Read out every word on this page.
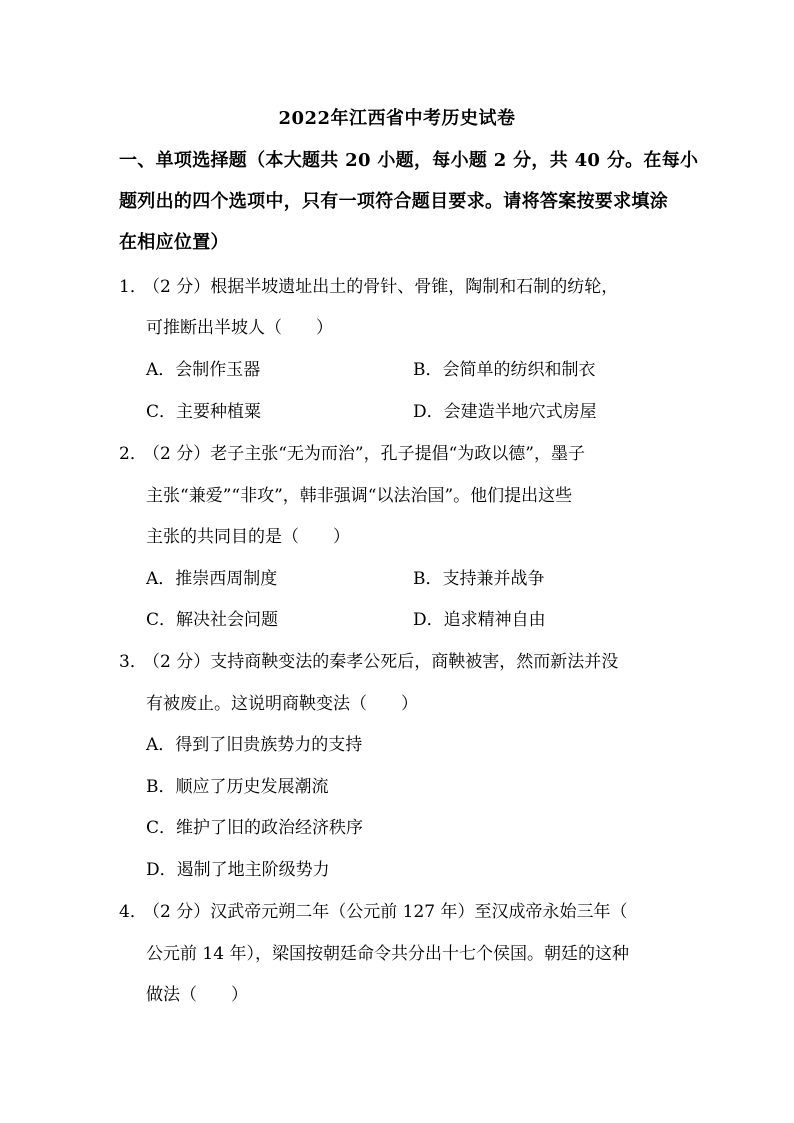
2022年江西省中考历史试卷
一、单项选择题（本大题共 20 小题，每小题 2 分，共 40 分。在每小
题列出的四个选项中，只有一项符合题目要求。请将答案按要求填涂
在相应位置）
1．
（2 分）根据半坡遗址出土的骨针、骨锥，陶制和石制的纺轮，
可推断出半坡人（　　）
A．会制作玉器	B．会简单的纺织和制衣
C．主要种植粟	D．会建造半地穴式房屋
2．
（2 分）老子主张“无为而治”，孔子提倡“为政以德”，墨子
主张“兼爱”“非攻”，韩非强调“以法治国”。他们提出这些
主张的共同目的是（　　）
A．推崇西周制度	B．支持兼并战争
C．解决社会问题	D．追求精神自由
3．
（2 分）支持商鞅变法的秦孝公死后，商鞅被害，然而新法并没
有被废止。这说明商鞅变法（　　）
A．得到了旧贵族势力的支持
B．顺应了历史发展潮流
C．维护了旧的政治经济秩序
D．遏制了地主阶级势力
4．
（2 分）汉武帝元朔二年（公元前 127 年）至汉成帝永始三年（
公元前 14 年），梁国按朝廷命令共分出十七个侯国。朝廷的这种
做法（　　）
